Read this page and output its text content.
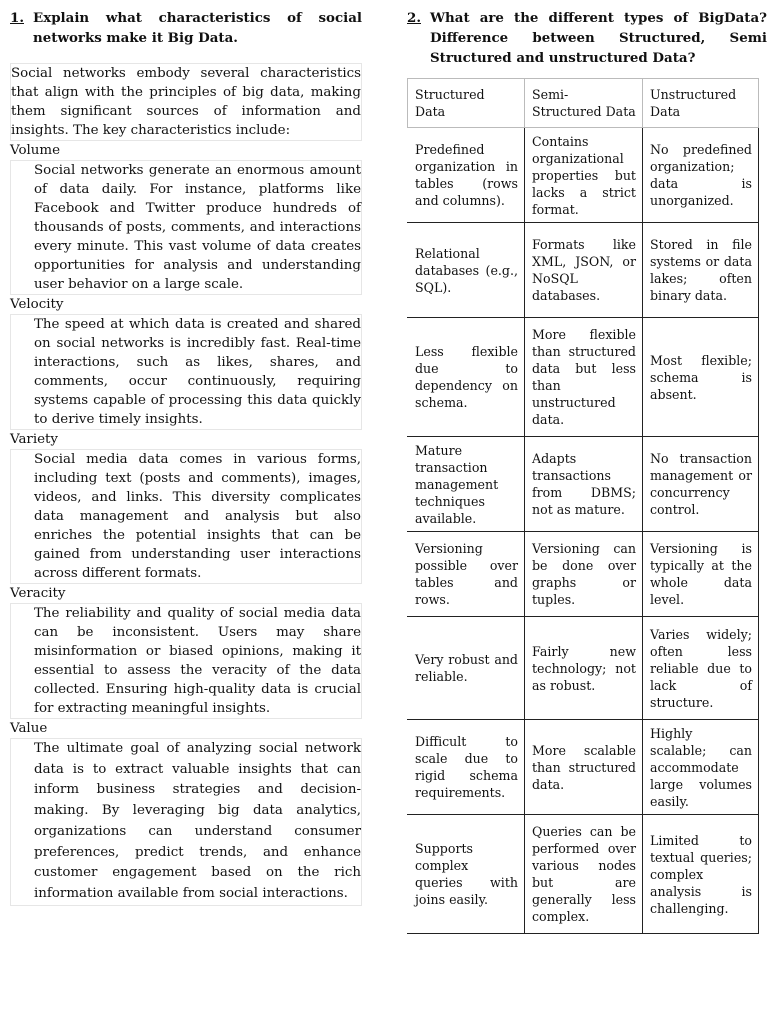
1. Explain what characteristics of social networks make it Big Data.

Social networks embody several characteristics that align with the principles of big data, making them significant sources of information and insights. The key characteristics include:

Volume

Social networks generate an enormous amount of data daily. For instance, platforms like Facebook and Twitter produce hundreds of thousands of posts, comments, and interactions every minute. This vast volume of data creates opportunities for analysis and understanding user behavior on a large scale.

Velocity

The speed at which data is created and shared on social networks is incredibly fast. Real-time interactions, such as likes, shares, and comments, occur continuously, requiring systems capable of processing this data quickly to derive timely insights.

Variety

Social media data comes in various forms, including text (posts and comments), images, videos, and links. This diversity complicates data management and analysis but also enriches the potential insights that can be gained from understanding user interactions across different formats.

Veracity

The reliability and quality of social media data can be inconsistent. Users may share misinformation or biased opinions, making it essential to assess the veracity of the data collected. Ensuring high-quality data is crucial for extracting meaningful insights.

Value

The ultimate goal of analyzing social network data is to extract valuable insights that can inform business strategies and decision-making. By leveraging big data analytics, organizations can understand consumer preferences, predict trends, and enhance customer engagement based on the rich information available from social interactions.

2. What are the different types of BigData? Difference between Structured, Semi Structured and unstructured Data?
Structured Data	Semi-Structured Data	Unstructured Data
Predefined organization in tables (rows and columns).	Contains organizational properties but lacks a strict format.	No predefined organization; data is unorganized.
Relational databases (e.g., SQL).	Formats like XML, JSON, or NoSQL databases.	Stored in file systems or data lakes; often binary data.
Less flexible due to dependency on schema.	More flexible than structured data but less than unstructured data.	Most flexible; schema is absent.
Mature transaction management techniques available.	Adapts transactions from DBMS; not as mature.	No transaction management or concurrency control.
Versioning possible over tables and rows.	Versioning can be done over graphs or tuples.	Versioning is typically at the whole data level.
Very robust and reliable.	Fairly new technology; not as robust.	Varies widely; often less reliable due to lack of structure.
Difficult to scale due to rigid schema requirements.	More scalable than structured data.	Highly scalable; can accommodate large volumes easily.
Supports complex queries with joins easily.	Queries can be performed over various nodes but are generally less complex.	Limited to textual queries; complex analysis is challenging.
